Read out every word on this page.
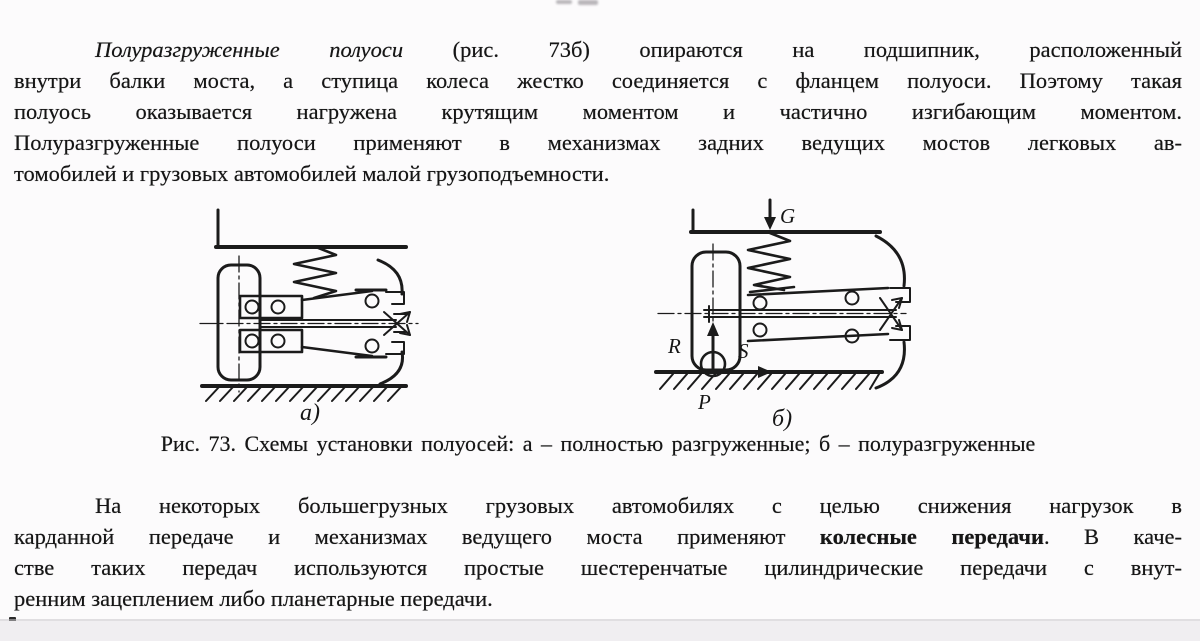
Полуразгруженные полуоси (рис. 73б) опираются на подшипник, расположенный
внутри балки моста, а ступица колеса жестко соединяется с фланцем полуоси. Поэтому такая
полуось оказывается нагружена крутящим моментом и частично изгибающим моментом.
Полуразгруженные полуоси применяют в механизмах задних ведущих мостов легковых ав-
томобилей и грузовых автомобилей малой грузоподъемности.
а)
G
R	S
P
б)
Рис. 73. Схемы установки полуосей: а – полностью разгруженные; б – полуразгруженные
На некоторых большегрузных грузовых автомобилях с целью снижения нагрузок в
карданной передаче и механизмах ведущего моста применяют колесные передачи. В каче-
стве таких передач используются простые шестеренчатые цилиндрические передачи с внут-
ренним зацеплением либо планетарные передачи.
